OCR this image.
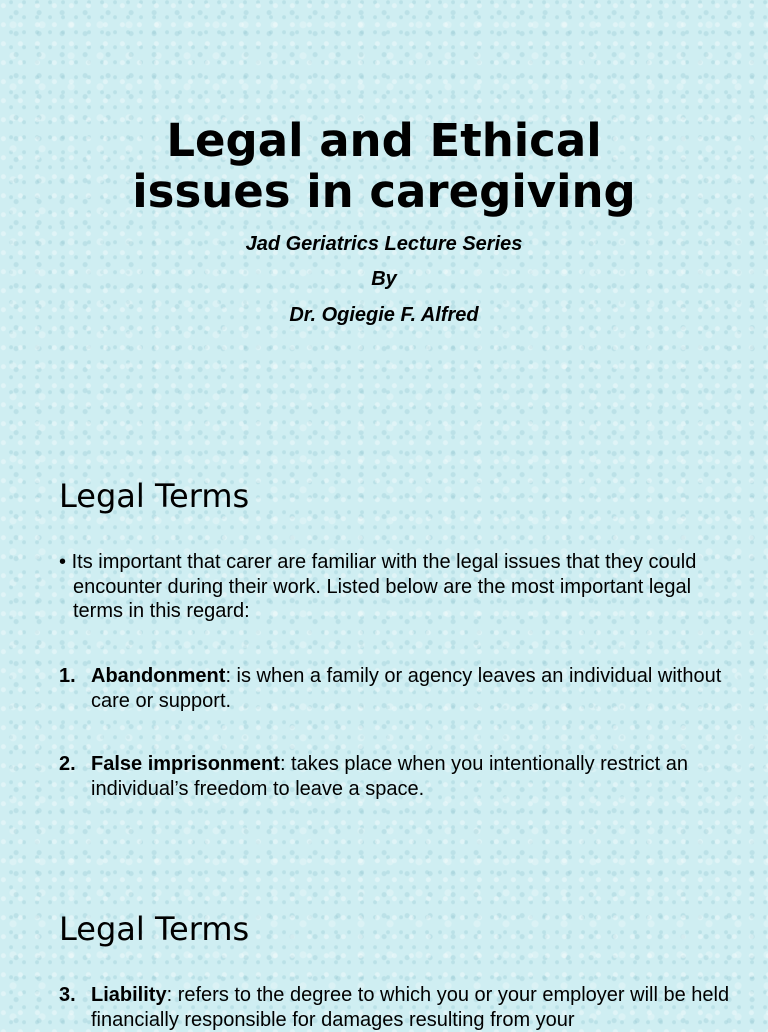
Legal and Ethical
issues in caregiving

Jad Geriatrics Lecture Series

By

Dr. Ogiegie F. Alfred

Legal Terms

• Its important that carer are familiar with the legal issues that they could encounter during their work. Listed below are the most important legal terms in this regard:

1. Abandonment: is when a family or agency leaves an individual without care or support.

2. False imprisonment: takes place when you intentionally restrict an individual’s freedom to leave a space.

Legal Terms

3. Liability: refers to the degree to which you or your employer will be held financially responsible for damages resulting from your
